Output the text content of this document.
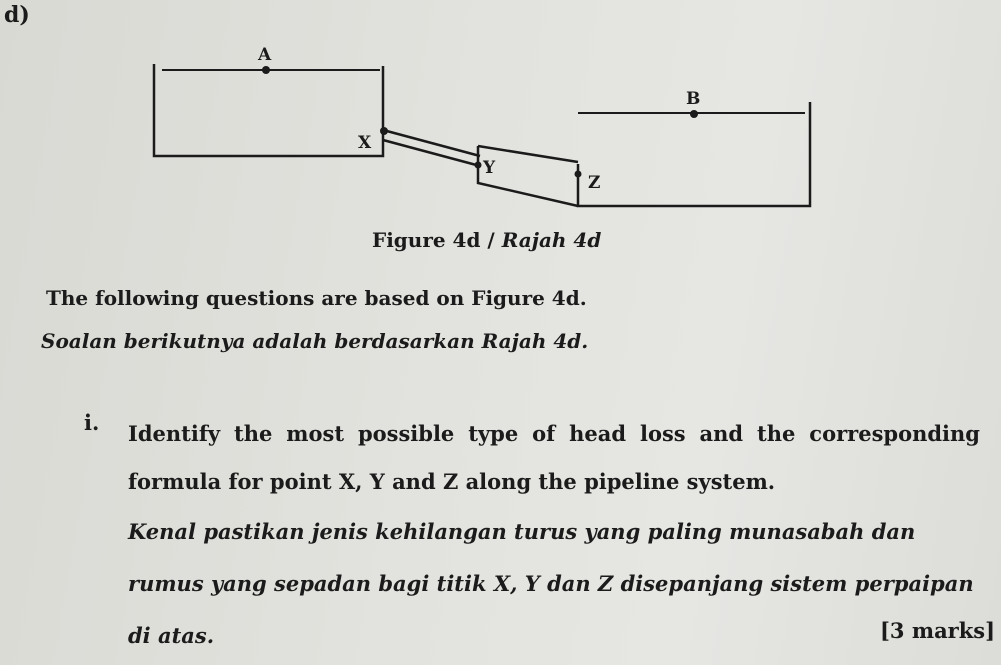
d)
A
X
Y
B
Z
Figure 4d / Rajah 4d
The following questions are based on Figure 4d.
Soalan berikutnya adalah berdasarkan Rajah 4d.
i. Identify the most possible type of head loss and the corresponding formula for point X, Y and Z along the pipeline system.
Kenal pastikan jenis kehilangan turus yang paling munasabah dan rumus yang sepadan bagi titik X, Y dan Z disepanjang sistem perpaipan di atas.	[3 marks]
